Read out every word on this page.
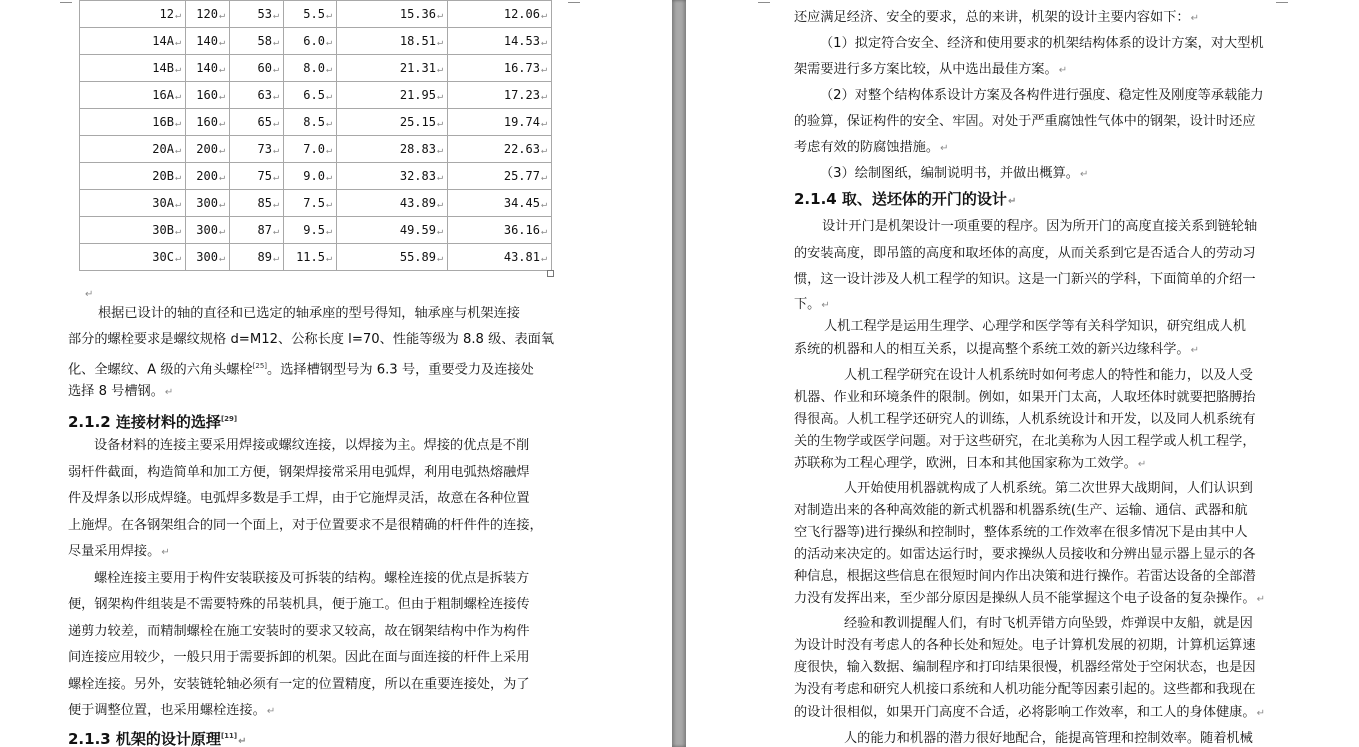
12↵	120↵	53↵	5.5↵	15.36↵	12.06↵
14A↵	140↵	58↵	6.0↵	18.51↵	14.53↵
14B↵	140↵	60↵	8.0↵	21.31↵	16.73↵
16A↵	160↵	63↵	6.5↵	21.95↵	17.23↵
16B↵	160↵	65↵	8.5↵	25.15↵	19.74↵
20A↵	200↵	73↵	7.0↵	28.83↵	22.63↵
20B↵	200↵	75↵	9.0↵	32.83↵	25.77↵
30A↵	300↵	85↵	7.5↵	43.89↵	34.45↵
30B↵	300↵	87↵	9.5↵	49.59↵	36.16↵
30C↵	300↵	89↵	11.5↵	55.89↵	43.81↵
↵
根据已设计的轴的直径和已选定的轴承座的型号得知，轴承座与机架连接
部分的螺栓要求是螺纹规格 d=M12、公称长度 l=70、性能等级为 8.8 级、表面氧
化、全螺纹、A 级的六角头螺栓[25]。选择槽钢型号为 6.3 号，重要受力及连接处
选择 8 号槽钢。↵
2.1.2 连接材料的选择[29]
设备材料的连接主要采用焊接或螺纹连接，以焊接为主。焊接的优点是不削
弱杆件截面，构造简单和加工方便，钢架焊接常采用电弧焊，利用电弧热熔融焊
件及焊条以形成焊缝。电弧焊多数是手工焊，由于它施焊灵活，故意在各种位置
上施焊。在各钢架组合的同一个面上，对于位置要求不是很精确的杆件件的连接，
尽量采用焊接。↵
螺栓连接主要用于构件安装联接及可拆装的结构。螺栓连接的优点是拆装方
便，钢架构件组装是不需要特殊的吊装机具，便于施工。但由于粗制螺栓连接传
递剪力较差，而精制螺栓在施工安装时的要求又较高，故在钢架结构中作为构件
间连接应用较少，一般只用于需要拆卸的机架。因此在面与面连接的杆件上采用
螺栓连接。另外，安装链轮轴必须有一定的位置精度，所以在重要连接处，为了
便于调整位置，也采用螺栓连接。↵
2.1.3 机架的设计原理[11]↵
还应满足经济、安全的要求，总的来讲，机架的设计主要内容如下：↵
（1）拟定符合安全、经济和使用要求的机架结构体系的设计方案，对大型机
架需要进行多方案比较，从中选出最佳方案。↵
（2）对整个结构体系设计方案及各构件进行强度、稳定性及刚度等承载能力
的验算，保证构件的安全、牢固。对处于严重腐蚀性气体中的钢架，设计时还应
考虑有效的防腐蚀措施。↵
（3）绘制图纸，编制说明书，并做出概算。↵
2.1.4 取、送坯体的开门的设计↵
设计开门是机架设计一项重要的程序。因为所开门的高度直接关系到链轮轴
的安装高度，即吊篮的高度和取坯体的高度，从而关系到它是否适合人的劳动习
惯，这一设计涉及人机工程学的知识。这是一门新兴的学科，下面简单的介绍一
下。↵
人机工程学是运用生理学、心理学和医学等有关科学知识，研究组成人机
系统的机器和人的相互关系，以提高整个系统工效的新兴边缘科学。↵
人机工程学研究在设计人机系统时如何考虑人的特性和能力，以及人受
机器、作业和环境条件的限制。例如，如果开门太高，人取坯体时就要把胳膊抬
得很高。人机工程学还研究人的训练，人机系统设计和开发，以及同人机系统有
关的生物学或医学问题。对于这些研究，在北美称为人因工程学或人机工程学，
苏联称为工程心理学，欧洲，日本和其他国家称为工效学。↵
人开始使用机器就构成了人机系统。第二次世界大战期间，人们认识到
对制造出来的各种高效能的新式机器和机器系统(生产、运输、通信、武器和航
空飞行器等)进行操纵和控制时，整体系统的工作效率在很多情况下是由其中人
的活动来决定的。如雷达运行时，要求操纵人员接收和分辨出显示器上显示的各
种信息，根据这些信息在很短时间内作出决策和进行操作。若雷达设备的全部潜
力没有发挥出来，至少部分原因是操纵人员不能掌握这个电子设备的复杂操作。↵
经验和教训提醒人们，有时飞机弄错方向坠毁，炸弹误中友船，就是因
为设计时没有考虑人的各种长处和短处。电子计算机发展的初期，计算机运算速
度很快，输入数据、编制程序和打印结果很慢，机器经常处于空闲状态，也是因
为没有考虑和研究人机接口系统和人机功能分配等因素引起的。这些都和我现在
的设计很相似，如果开门高度不合适，必将影响工作效率，和工人的身体健康。↵
人的能力和机器的潜力很好地配合，能提高管理和控制效率。随着机械
